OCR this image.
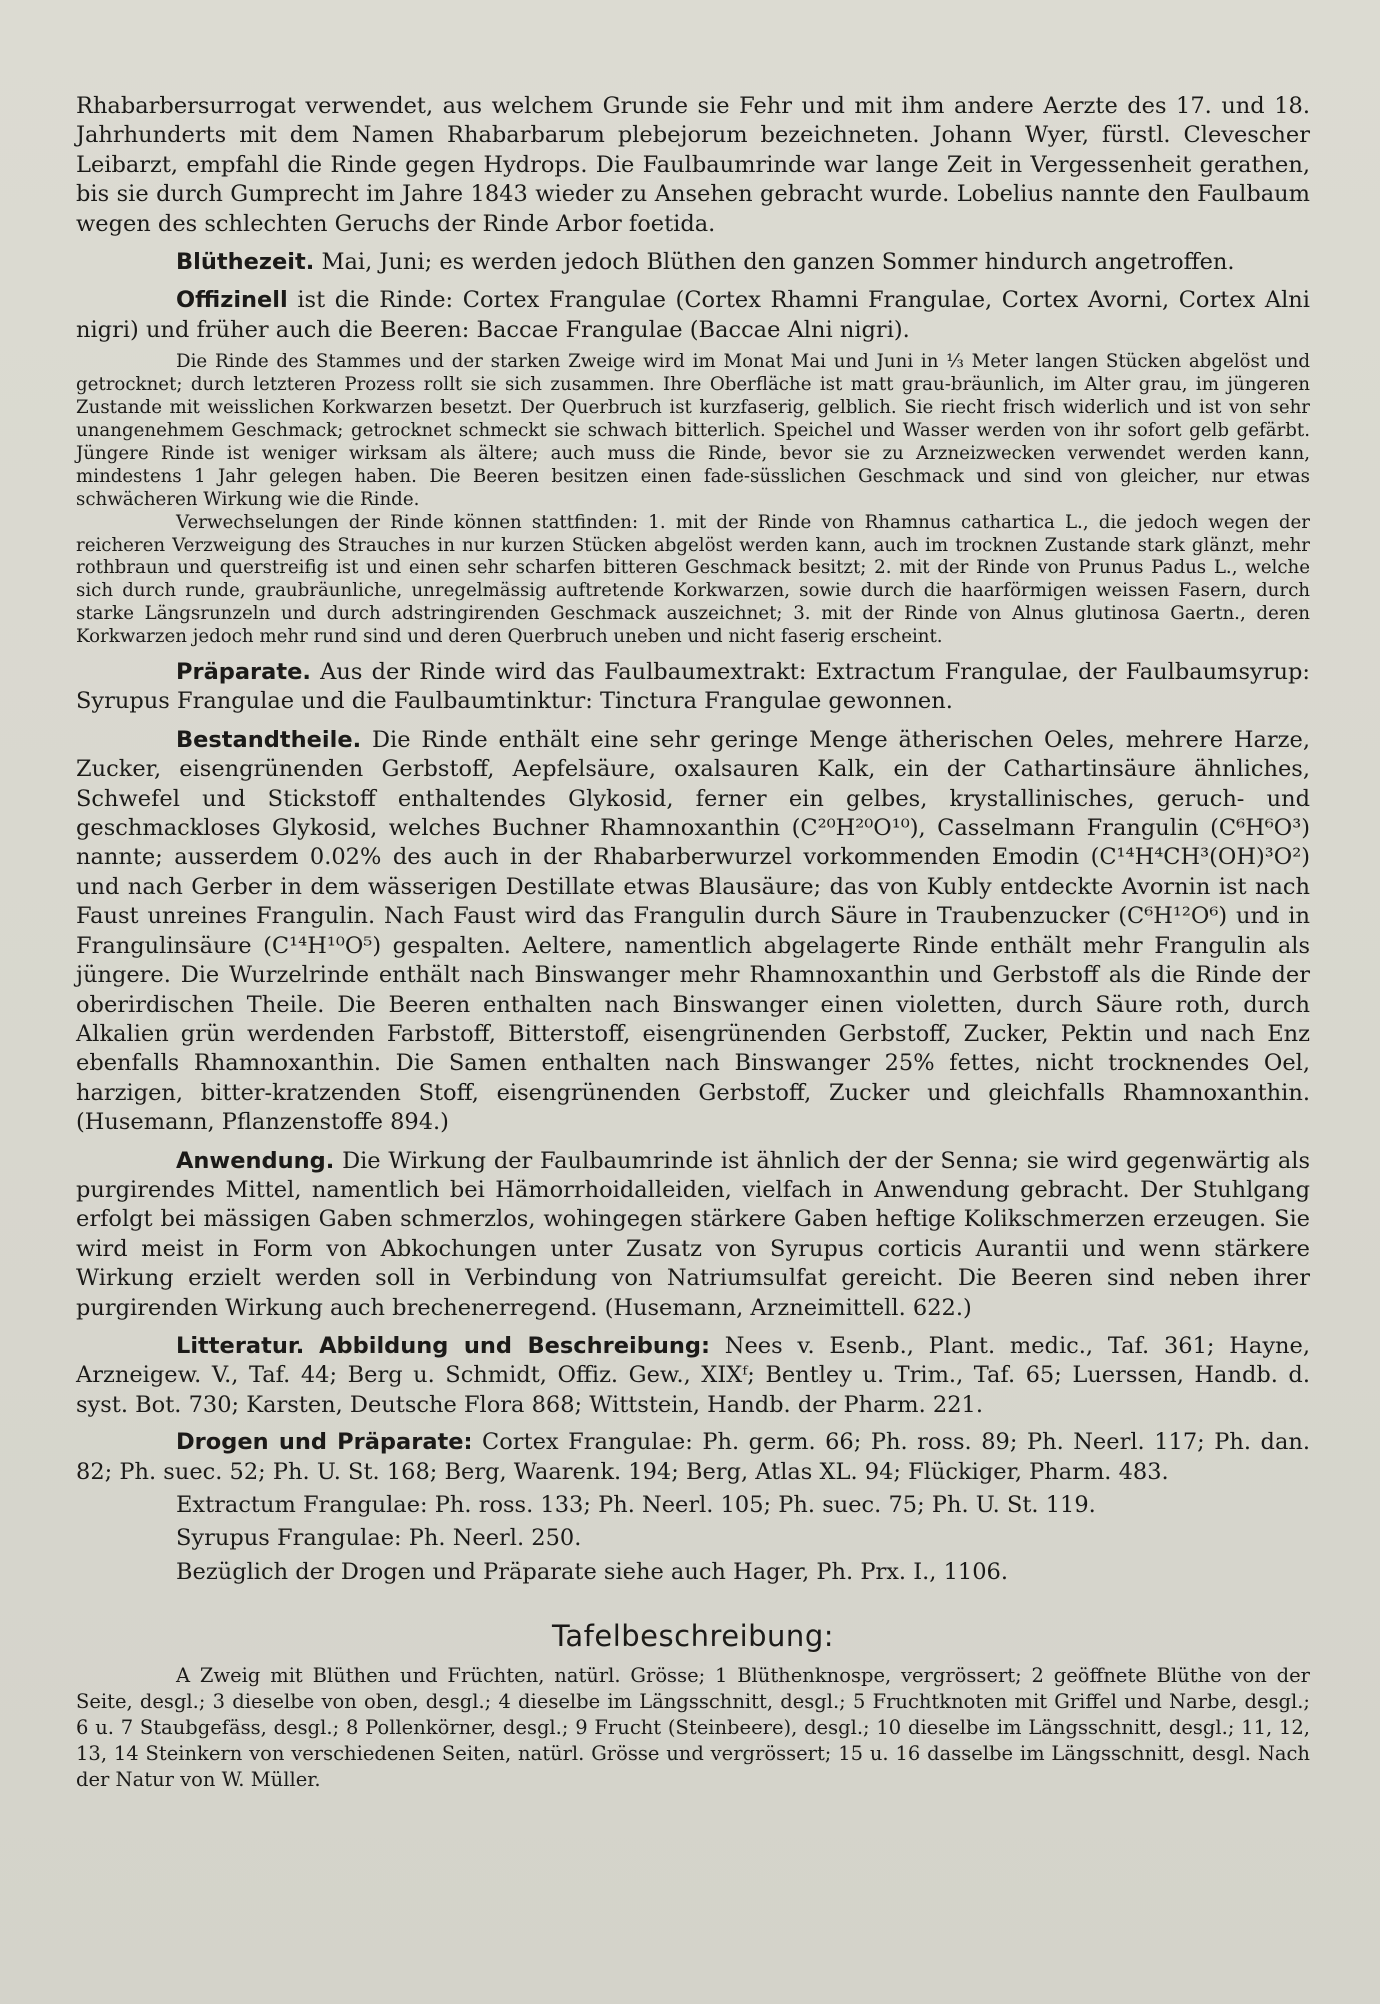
Rhabarbersurrogat verwendet, aus welchem Grunde sie Fehr und mit ihm andere Aerzte des 17. und 18. Jahrhunderts mit dem Namen Rhabarbarum plebejorum bezeichneten. Johann Wyer, fürstl. Clevescher Leibarzt, empfahl die Rinde gegen Hydrops. Die Faulbaumrinde war lange Zeit in Vergessenheit gerathen, bis sie durch Gumprecht im Jahre 1843 wieder zu Ansehen gebracht wurde. Lobelius nannte den Faulbaum wegen des schlechten Geruchs der Rinde Arbor foetida.

Blüthezeit. Mai, Juni; es werden jedoch Blüthen den ganzen Sommer hindurch angetroffen.

Offizinell ist die Rinde: Cortex Frangulae (Cortex Rhamni Frangulae, Cortex Avorni, Cortex Alni nigri) und früher auch die Beeren: Baccae Frangulae (Baccae Alni nigri).

Die Rinde des Stammes und der starken Zweige wird im Monat Mai und Juni in ⅓ Meter langen Stücken abgelöst und getrocknet; durch letzteren Prozess rollt sie sich zusammen. Ihre Oberfläche ist matt grau-bräunlich, im Alter grau, im jüngeren Zustande mit weisslichen Korkwarzen besetzt. Der Querbruch ist kurzfaserig, gelblich. Sie riecht frisch widerlich und ist von sehr unangenehmem Geschmack; getrocknet schmeckt sie schwach bitterlich. Speichel und Wasser werden von ihr sofort gelb gefärbt. Jüngere Rinde ist weniger wirksam als ältere; auch muss die Rinde, bevor sie zu Arzneizwecken verwendet werden kann, mindestens 1 Jahr gelegen haben. Die Beeren besitzen einen fade-süsslichen Geschmack und sind von gleicher, nur etwas schwächeren Wirkung wie die Rinde.

Verwechselungen der Rinde können stattfinden: 1. mit der Rinde von Rhamnus cathartica L., die jedoch wegen der reicheren Verzweigung des Strauches in nur kurzen Stücken abgelöst werden kann, auch im trocknen Zustande stark glänzt, mehr rothbraun und querstreifig ist und einen sehr scharfen bitteren Geschmack besitzt; 2. mit der Rinde von Prunus Padus L., welche sich durch runde, graubräunliche, unregelmässig auftretende Korkwarzen, sowie durch die haarförmigen weissen Fasern, durch starke Längsrunzeln und durch adstringirenden Geschmack auszeichnet; 3. mit der Rinde von Alnus glutinosa Gaertn., deren Korkwarzen jedoch mehr rund sind und deren Querbruch uneben und nicht faserig erscheint.

Präparate. Aus der Rinde wird das Faulbaumextrakt: Extractum Frangulae, der Faulbaumsyrup: Syrupus Frangulae und die Faulbaumtinktur: Tinctura Frangulae gewonnen.

Bestandtheile. Die Rinde enthält eine sehr geringe Menge ätherischen Oeles, mehrere Harze, Zucker, eisengrünenden Gerbstoff, Aepfelsäure, oxalsauren Kalk, ein der Cathartinsäure ähnliches, Schwefel und Stickstoff enthaltendes Glykosid, ferner ein gelbes, krystallinisches, geruch- und geschmackloses Glykosid, welches Buchner Rhamnoxanthin (C²⁰H²⁰O¹⁰), Casselmann Frangulin (C⁶H⁶O³) nannte; ausserdem 0.02% des auch in der Rhabarberwurzel vorkommenden Emodin (C¹⁴H⁴CH³(OH)³O²) und nach Gerber in dem wässerigen Destillate etwas Blausäure; das von Kubly entdeckte Avornin ist nach Faust unreines Frangulin. Nach Faust wird das Frangulin durch Säure in Traubenzucker (C⁶H¹²O⁶) und in Frangulinsäure (C¹⁴H¹⁰O⁵) gespalten. Aeltere, namentlich abgelagerte Rinde enthält mehr Frangulin als jüngere. Die Wurzelrinde enthält nach Binswanger mehr Rhamnoxanthin und Gerbstoff als die Rinde der oberirdischen Theile. Die Beeren enthalten nach Binswanger einen violetten, durch Säure roth, durch Alkalien grün werdenden Farbstoff, Bitterstoff, eisengrünenden Gerbstoff, Zucker, Pektin und nach Enz ebenfalls Rhamnoxanthin. Die Samen enthalten nach Binswanger 25% fettes, nicht trocknendes Oel, harzigen, bitter-kratzenden Stoff, eisengrünenden Gerbstoff, Zucker und gleichfalls Rhamnoxanthin. (Husemann, Pflanzenstoffe 894.)

Anwendung. Die Wirkung der Faulbaumrinde ist ähnlich der der Senna; sie wird gegenwärtig als purgirendes Mittel, namentlich bei Hämorrhoidalleiden, vielfach in Anwendung gebracht. Der Stuhlgang erfolgt bei mässigen Gaben schmerzlos, wohingegen stärkere Gaben heftige Kolikschmerzen erzeugen. Sie wird meist in Form von Abkochungen unter Zusatz von Syrupus corticis Aurantii und wenn stärkere Wirkung erzielt werden soll in Verbindung von Natriumsulfat gereicht. Die Beeren sind neben ihrer purgirenden Wirkung auch brechenerregend. (Husemann, Arzneimittell. 622.)

Litteratur. Abbildung und Beschreibung: Nees v. Esenb., Plant. medic., Taf. 361; Hayne, Arzneigew. V., Taf. 44; Berg u. Schmidt, Offiz. Gew., XIXᶠ; Bentley u. Trim., Taf. 65; Luerssen, Handb. d. syst. Bot. 730; Karsten, Deutsche Flora 868; Wittstein, Handb. der Pharm. 221.

Drogen und Präparate: Cortex Frangulae: Ph. germ. 66; Ph. ross. 89; Ph. Neerl. 117; Ph. dan. 82; Ph. suec. 52; Ph. U. St. 168; Berg, Waarenk. 194; Berg, Atlas XL. 94; Flückiger, Pharm. 483.

Extractum Frangulae: Ph. ross. 133; Ph. Neerl. 105; Ph. suec. 75; Ph. U. St. 119.

Syrupus Frangulae: Ph. Neerl. 250.

Bezüglich der Drogen und Präparate siehe auch Hager, Ph. Prx. I., 1106.

Tafelbeschreibung:

A Zweig mit Blüthen und Früchten, natürl. Grösse; 1 Blüthenknospe, vergrössert; 2 geöffnete Blüthe von der Seite, desgl.; 3 dieselbe von oben, desgl.; 4 dieselbe im Längsschnitt, desgl.; 5 Fruchtknoten mit Griffel und Narbe, desgl.; 6 u. 7 Staubgefäss, desgl.; 8 Pollenkörner, desgl.; 9 Frucht (Steinbeere), desgl.; 10 dieselbe im Längsschnitt, desgl.; 11, 12, 13, 14 Steinkern von verschiedenen Seiten, natürl. Grösse und vergrössert; 15 u. 16 dasselbe im Längsschnitt, desgl. Nach der Natur von W. Müller.
